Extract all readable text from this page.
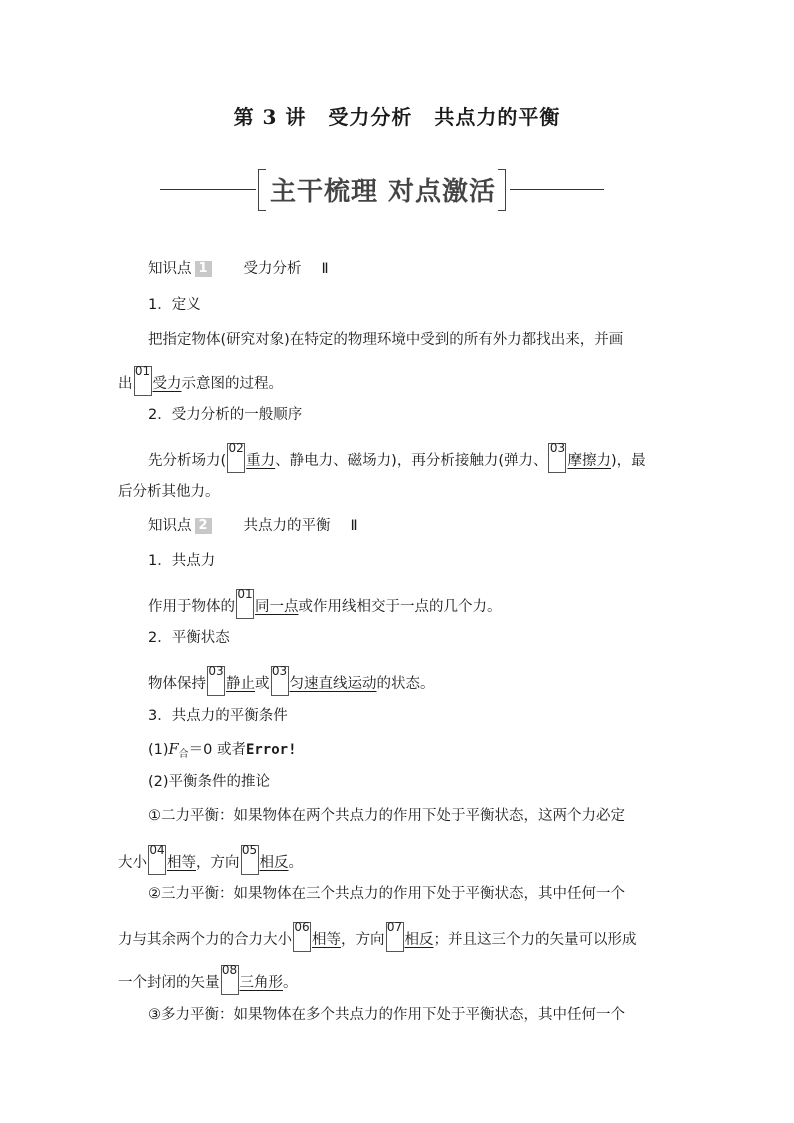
第 3 讲 受力分析 共点力的平衡
主干梳理 对点激活
知识点 1 受力分析 Ⅱ
1．定义
把指定物体(研究对象)在特定的物理环境中受到的所有外力都找出来，并画
出
01
受力示意图的过程。
2．受力分析的一般顺序
先分析场力(
02
重力、静电力、磁场力)，再分析接触力(弹力、
03
摩擦力)，最
后分析其他力。
知识点 2 共点力的平衡 Ⅱ
1．共点力
作用于物体的
01
同一点或作用线相交于一点的几个力。
2．平衡状态
物体保持
03
静止或
03
匀速直线运动的状态。
3．共点力的平衡条件
$(1)F_合=0$ 或者Error!
(2)平衡条件的推论
①二力平衡：如果物体在两个共点力的作用下处于平衡状态，这两个力必定
大小
04
相等，方向
05
相反。
②三力平衡：如果物体在三个共点力的作用下处于平衡状态，其中任何一个
力与其余两个力的合力大小
06
相等，方向
07
相反；并且这三个力的矢量可以形成
一个封闭的矢量
08
三角形。
③多力平衡：如果物体在多个共点力的作用下处于平衡状态，其中任何一个
